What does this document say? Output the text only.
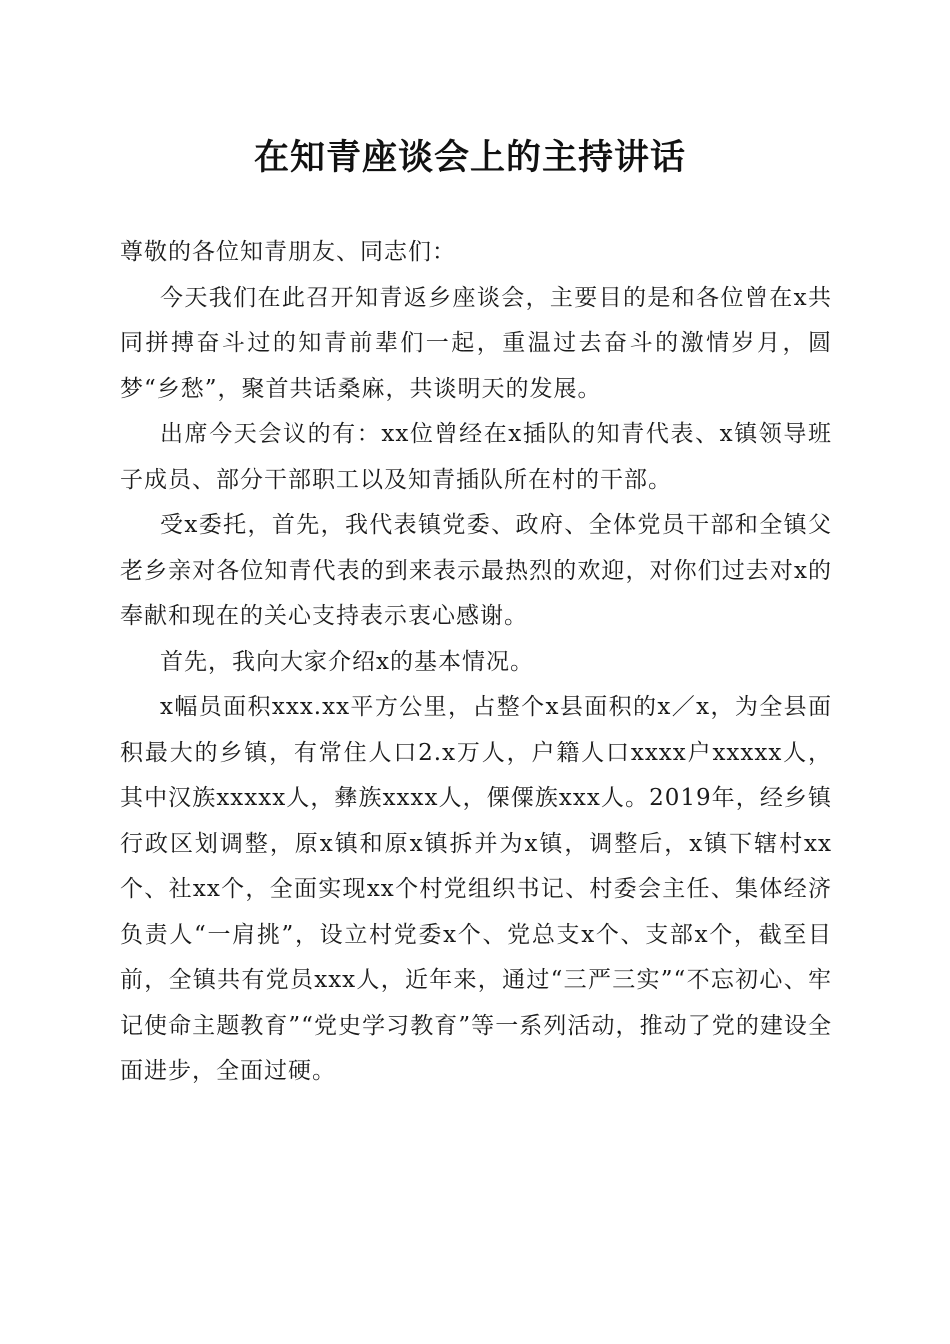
在知青座谈会上的主持讲话

尊敬的各位知青朋友、同志们：

今天我们在此召开知青返乡座谈会，主要目的是和各位曾在x共同拼搏奋斗过的知青前辈们一起，重温过去奋斗的激情岁月，圆梦“乡愁”，聚首共话桑麻，共谈明天的发展。

出席今天会议的有：xx位曾经在x插队的知青代表、x镇领导班子成员、部分干部职工以及知青插队所在村的干部。

受x委托，首先，我代表镇党委、政府、全体党员干部和全镇父老乡亲对各位知青代表的到来表示最热烈的欢迎，对你们过去对x的奉献和现在的关心支持表示衷心感谢。

首先，我向大家介绍x的基本情况。

x幅员面积xxx.xx平方公里，占整个x县面积的x／x，为全县面积最大的乡镇，有常住人口2.x万人，户籍人口xxxx户xxxxx人，其中汉族xxxxx人，彝族xxxx人，傈僳族xxx人。2019年，经乡镇行政区划调整，原x镇和原x镇拆并为x镇，调整后，x镇下辖村xx个、社xx个，全面实现xx个村党组织书记、村委会主任、集体经济负责人“一肩挑”，设立村党委x个、党总支x个、支部x个，截至目前，全镇共有党员xxx人，近年来，通过“三严三实”“不忘初心、牢记使命主题教育”“党史学习教育”等一系列活动，推动了党的建设全面进步，全面过硬。
